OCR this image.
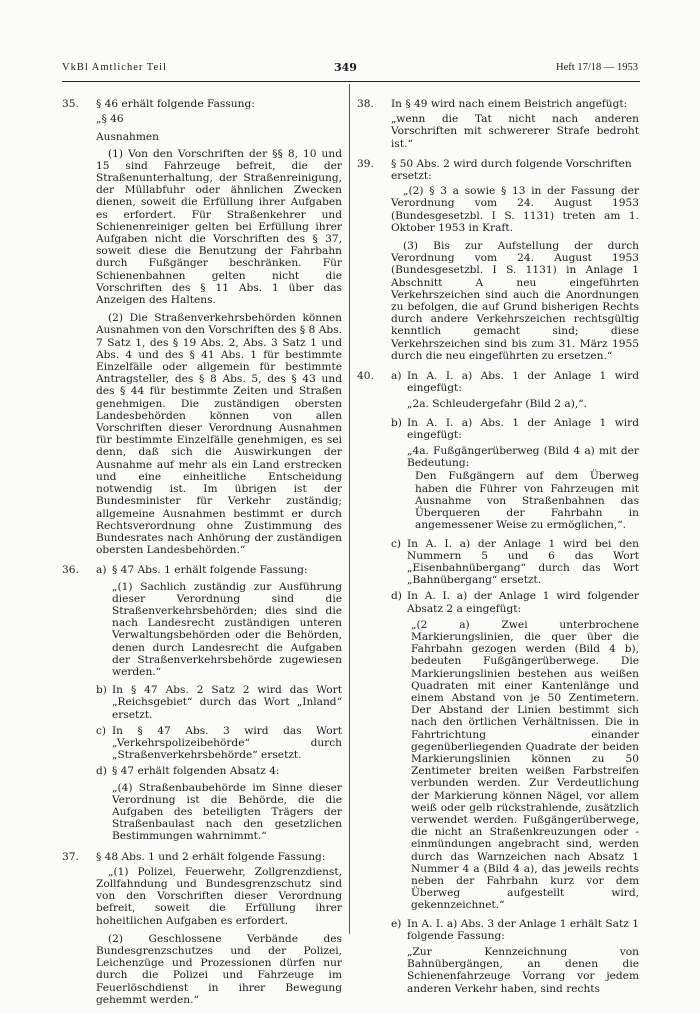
VkBl Amtlicher Teil	349	Heft 17/18 — 1953
35.	§ 46 erhält folgende Fassung:

„§ 46

Ausnahmen

(1) Von den Vorschriften der §§ 8, 10 und 15 sind Fahrzeuge befreit, die der Straßenunterhaltung, der Straßenreinigung, der Müllabfuhr oder ähnlichen Zwecken dienen, soweit die Erfüllung ihrer Aufgaben es erfordert. Für Straßenkehrer und Schienenreiniger gelten bei Erfüllung ihrer Aufgaben nicht die Vorschriften des § 37, soweit diese die Benutzung der Fahrbahn durch Fußgänger beschränken. Für Schienenbahnen gelten nicht die Vorschriften des § 11 Abs. 1 über das Anzeigen des Haltens.

(2) Die Straßenverkehrsbehörden können Ausnahmen von den Vorschriften des § 8 Abs. 7 Satz 1, des § 19 Abs. 2, Abs. 3 Satz 1 und Abs. 4 und des § 41 Abs. 1 für bestimmte Einzelfälle oder allgemein für bestimmte Antragsteller, des § 8 Abs. 5, des § 43 und des § 44 für bestimmte Zeiten und Straßen genehmigen. Die zuständigen obersten Landesbehörden können von allen Vorschriften dieser Verordnung Ausnahmen für bestimmte Einzelfälle genehmigen, es sei denn, daß sich die Auswirkungen der Ausnahme auf mehr als ein Land erstrecken und eine einheitliche Entscheidung notwendig ist. Im übrigen ist der Bundesminister für Verkehr zuständig; allgemeine Ausnahmen bestimmt er durch Rechtsverordnung ohne Zustimmung des Bundesrates nach Anhörung der zuständigen obersten Landesbehörden.“

36.	a) § 47 Abs. 1 erhält folgende Fassung:

„(1) Sachlich zuständig zur Ausführung dieser Verordnung sind die Straßenverkehrsbehörden; dies sind die nach Landesrecht zuständigen unteren Verwaltungsbehörden oder die Behörden, denen durch Landesrecht die Aufgaben der Straßenverkehrsbehörde zugewiesen werden.“

b) In § 47 Abs. 2 Satz 2 wird das Wort „Reichsgebiet“ durch das Wort „Inland“ ersetzt.
c) In § 47 Abs. 3 wird das Wort „Verkehrspolizeibehörde“ durch „Straßenverkehrsbehörde“ ersetzt.
d) § 47 erhält folgenden Absatz 4:

„(4) Straßenbaubehörde im Sinne dieser Verordnung ist die Behörde, die die Aufgaben des beteiligten Trägers der Straßenbaulast nach den gesetzlichen Bestimmungen wahrnimmt.“

37.	§ 48 Abs. 1 und 2 erhält folgende Fassung:

„(1) Polizei, Feuerwehr, Zollgrenzdienst, Zollfahndung und Bundesgrenzschutz sind von den Vorschriften dieser Verordnung befreit, soweit die Erfüllung ihrer hoheitlichen Aufgaben es erfordert.

(2) Geschlossene Verbände des Bundesgrenzschutzes und der Polizei, Leichenzüge und Prozessionen dürfen nur durch die Polizei und Fahrzeuge im Feuerlöschdienst in ihrer Bewegung gehemmt werden.“

38.	In § 49 wird nach einem Beistrich angefügt:

„wenn die Tat nicht nach anderen Vorschriften mit schwererer Strafe bedroht ist.“

39.	§ 50 Abs. 2 wird durch folgende Vorschriften ersetzt:

„(2) § 3 a sowie § 13 in der Fassung der Verordnung vom 24. August 1953 (Bundesgesetzbl. I S. 1131) treten am 1. Oktober 1953 in Kraft.

(3) Bis zur Aufstellung der durch Verordnung vom 24. August 1953 (Bundesgesetzbl. I S. 1131) in Anlage 1 Abschnitt A neu eingeführten Verkehrszeichen sind auch die Anordnungen zu befolgen, die auf Grund bisherigen Rechts durch andere Verkehrszeichen rechtsgültig kenntlich gemacht sind; diese Verkehrszeichen sind bis zum 31. März 1955 durch die neu eingeführten zu ersetzen.“

40.	a) In A. I. a) Abs. 1 der Anlage 1 wird eingefügt:

„2a. Schleudergefahr (Bild 2 a),“.

b) In A. I. a) Abs. 1 der Anlage 1 wird eingefügt:

„4a. Fußgängerüberweg (Bild 4 a) mit der Bedeutung:

Den Fußgängern auf dem Überweg haben die Führer von Fahrzeugen mit Ausnahme von Straßenbahnen das Überqueren der Fahrbahn in angemessener Weise zu ermöglichen,“.

c) In A. I. a) der Anlage 1 wird bei den Nummern 5 und 6 das Wort „Eisenbahnübergang“ durch das Wort „Bahnübergang“ ersetzt.
d) In A. I. a) der Anlage 1 wird folgender Absatz 2 a eingefügt:

„(2 a) Zwei unterbrochene Markierungslinien, die quer über die Fahrbahn gezogen werden (Bild 4 b), bedeuten Fußgängerüberwege. Die Markierungslinien bestehen aus weißen Quadraten mit einer Kantenlänge und einem Abstand von je 50 Zentimetern. Der Abstand der Linien bestimmt sich nach den örtlichen Verhältnissen. Die in Fahrtrichtung einander gegenüberliegenden Quadrate der beiden Markierungslinien können zu 50 Zentimeter breiten weißen Farbstreifen verbunden werden. Zur Verdeutlichung der Markierung können Nägel, vor allem weiß oder gelb rückstrahlende, zusätzlich verwendet werden. Fußgängerüberwege, die nicht an Straßenkreuzungen oder -einmündungen angebracht sind, werden durch das Warnzeichen nach Absatz 1 Nummer 4 a (Bild 4 a), das jeweils rechts neben der Fahrbahn kurz vor dem Überweg aufgestellt wird, gekennzeichnet.“

e) In A. I. a) Abs. 3 der Anlage 1 erhält Satz 1 folgende Fassung:

„Zur Kennzeichnung von Bahnübergängen, an denen die Schienenfahrzeuge Vorrang vor jedem anderen Verkehr haben, sind rechts
